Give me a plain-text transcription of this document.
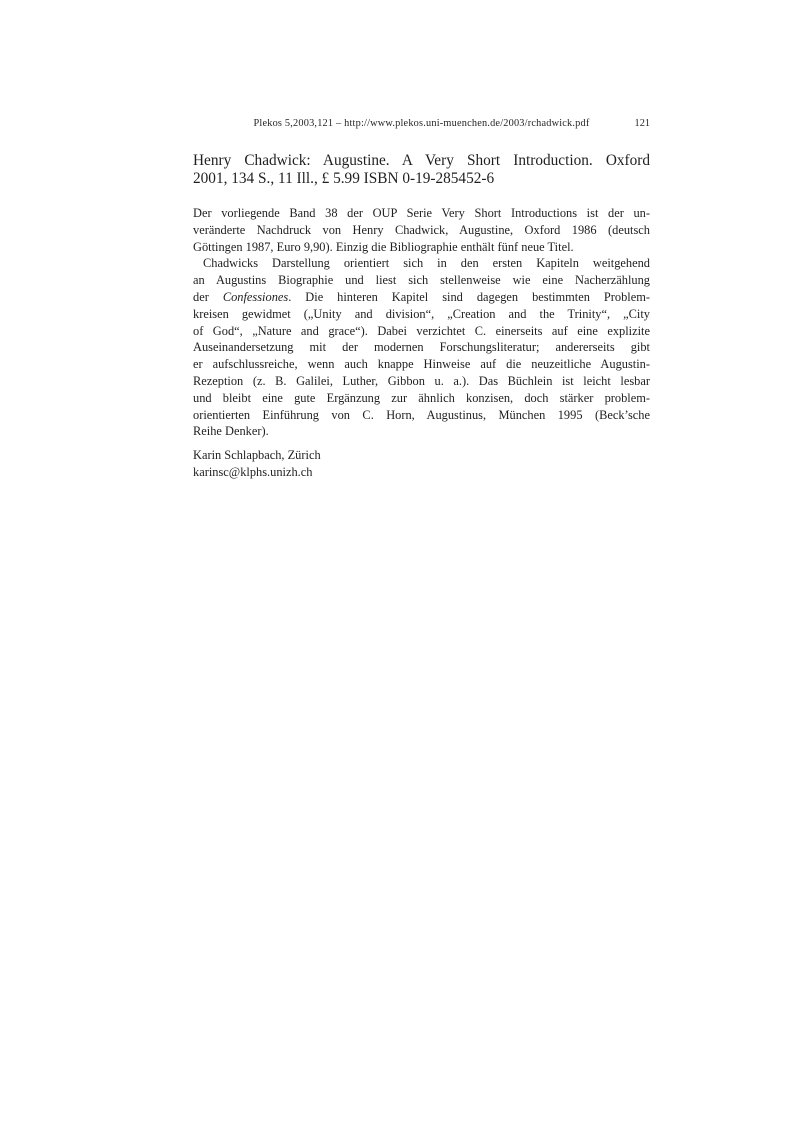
Plekos 5,2003,121 – http://www.plekos.uni-muenchen.de/2003/rchadwick.pdf	121
Henry Chadwick: Augustine. A Very Short Introduction. Oxford
2001, 134 S., 11 Ill., £ 5.99 ISBN 0-19-285452-6
Der vorliegende Band 38 der OUP Serie Very Short Introductions ist der un-
veränderte Nachdruck von Henry Chadwick, Augustine, Oxford 1986 (deutsch
Göttingen 1987, Euro 9,90). Einzig die Bibliographie enthält fünf neue Titel.
Chadwicks Darstellung orientiert sich in den ersten Kapiteln weitgehend
an Augustins Biographie und liest sich stellenweise wie eine Nacherzählung
der Confessiones. Die hinteren Kapitel sind dagegen bestimmten Problem-
kreisen gewidmet („Unity and division“, „Creation and the Trinity“, „City
of God“, „Nature and grace“). Dabei verzichtet C. einerseits auf eine explizite
Auseinandersetzung mit der modernen Forschungsliteratur; andererseits gibt
er aufschlussreiche, wenn auch knappe Hinweise auf die neuzeitliche Augustin-
Rezeption (z. B. Galilei, Luther, Gibbon u. a.). Das Büchlein ist leicht lesbar
und bleibt eine gute Ergänzung zur ähnlich konzisen, doch stärker problem-
orientierten Einführung von C. Horn, Augustinus, München 1995 (Beck’sche
Reihe Denker).
Karin Schlapbach, Zürich
karinsc@klphs.unizh.ch
